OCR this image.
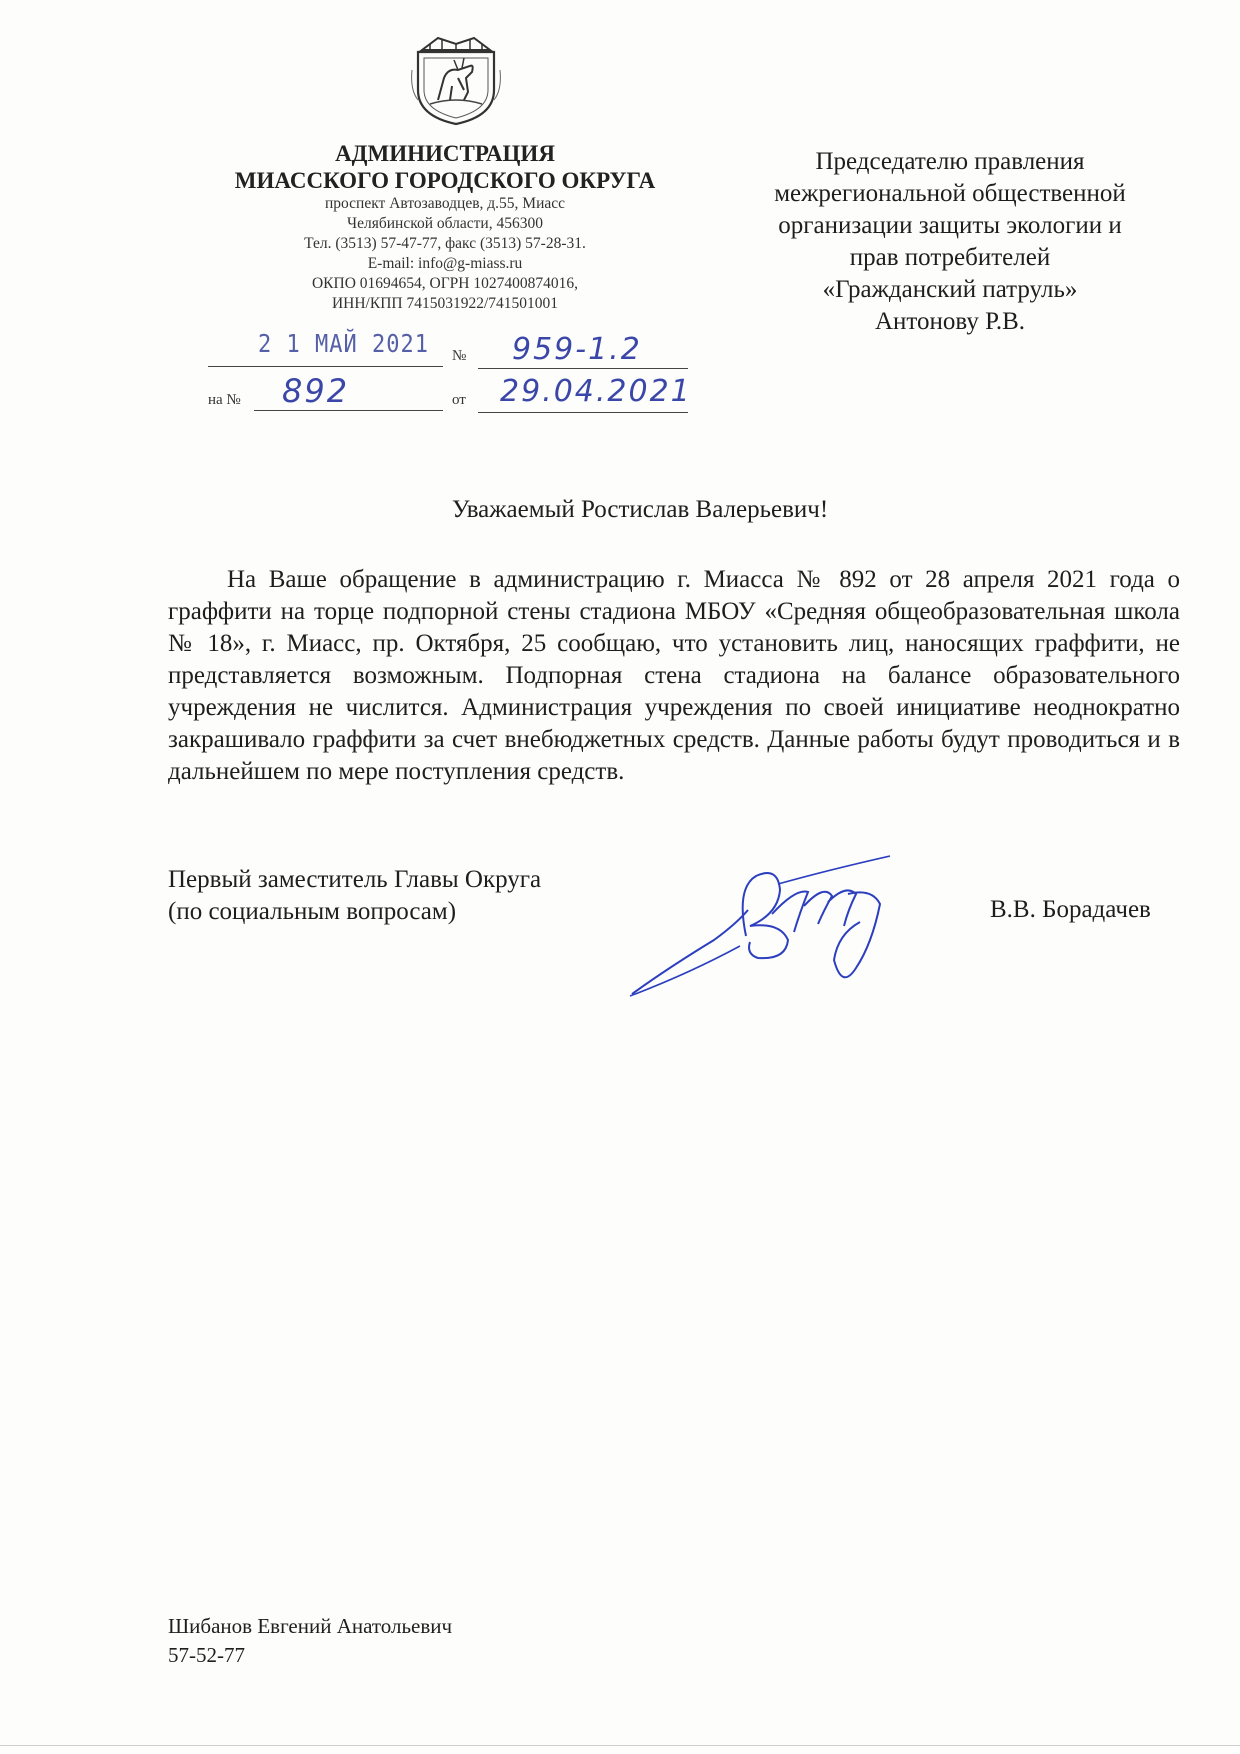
АДМИНИСТРАЦИЯ
МИАССКОГО ГОРОДСКОГО ОКРУГА
проспект Автозаводцев, д.55, Миасс
Челябинской области, 456300
Тел. (3513) 57-47-77, факс (3513) 57-28-31.
E-mail: info@g-miass.ru
ОКПО 01694654, ОГРН 1027400874016,
ИНН/КПП 7415031922/741501001
2 1 МАЙ 2021 № 959-1.2
на № 892	от 29.04.2021
Председателю правления
межрегиональной общественной
организации защиты экологии и
прав потребителей
«Гражданский патруль»
Антонову Р.В.
Уважаемый Ростислав Валерьевич!
На Ваше обращение в администрацию г. Миасса № 892 от 28 апреля 2021 года о граффити на торце подпорной стены стадиона МБОУ «Средняя общеобразовательная школа № 18», г. Миасс, пр. Октября, 25 сообщаю, что установить лиц, наносящих граффити, не представляется возможным. Подпорная стена стадиона на балансе образовательного учреждения не числится. Администрация учреждения по своей инициативе неоднократно закрашивало граффити за счет внебюджетных средств. Данные работы будут проводиться и в дальнейшем по мере поступления средств.
Первый заместитель Главы Округа
(по социальным вопросам)	В.В. Борадачев
Шибанов Евгений Анатольевич
57-52-77
